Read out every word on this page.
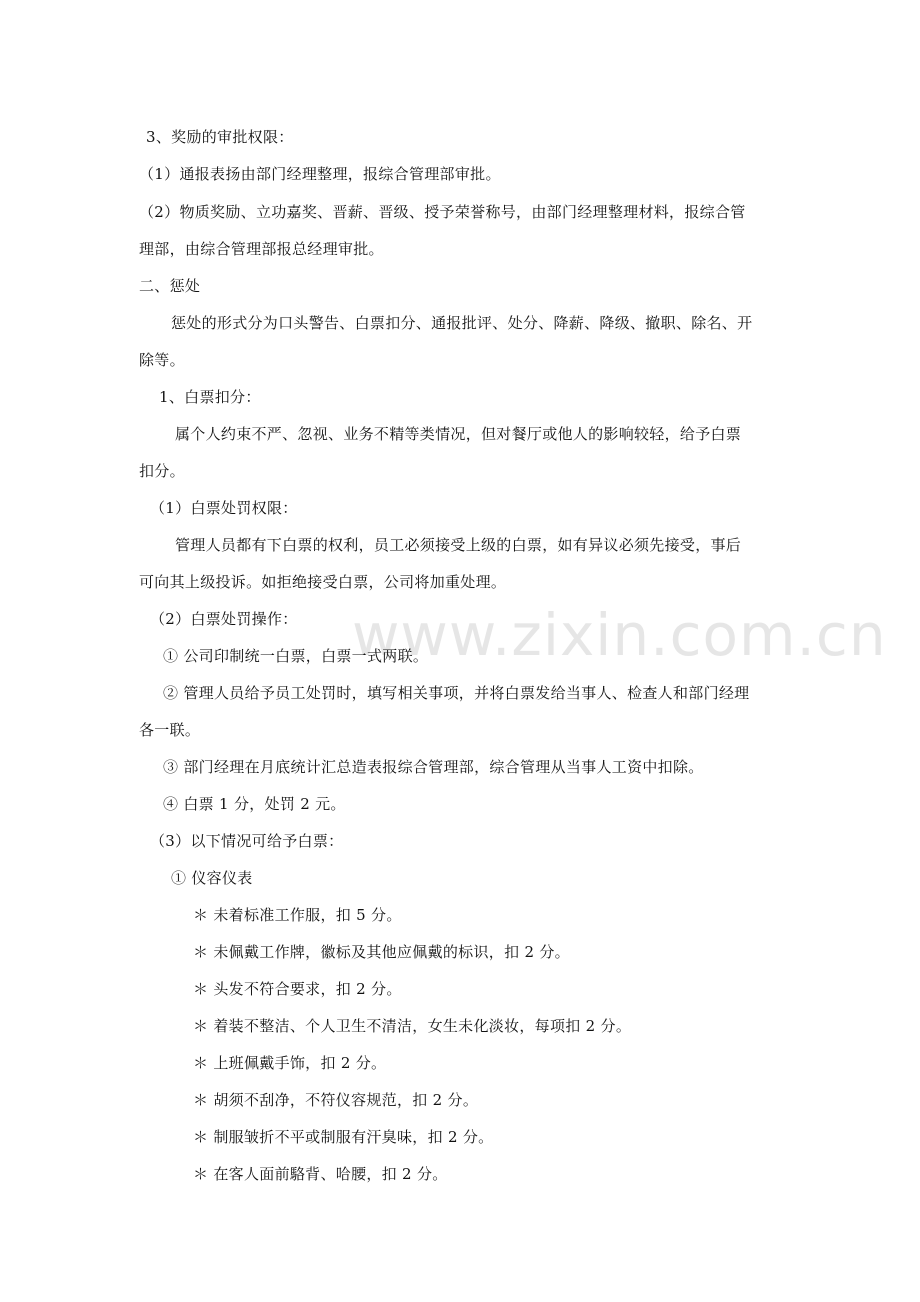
www.zixin.com.cn
3、奖励的审批权限：
（1）通报表扬由部门经理整理，报综合管理部审批。
（2）物质奖励、立功嘉奖、晋薪、晋级、授予荣誉称号，由部门经理整理材料，报综合管
理部，由综合管理部报总经理审批。
二、惩处
惩处的形式分为口头警告、白票扣分、通报批评、处分、降薪、降级、撤职、除名、开
除等。
1、白票扣分：
属个人约束不严、忽视、业务不精等类情况，但对餐厅或他人的影响较轻，给予白票
扣分。
（1）白票处罚权限：
管理人员都有下白票的权利，员工必须接受上级的白票，如有异议必须先接受，事后
可向其上级投诉。如拒绝接受白票，公司将加重处理。
（2）白票处罚操作：
① 公司印制统一白票，白票一式两联。
② 管理人员给予员工处罚时，填写相关事项，并将白票发给当事人、检查人和部门经理
各一联。
③ 部门经理在月底统计汇总造表报综合管理部，综合管理从当事人工资中扣除。
④ 白票 1 分，处罚 2 元。
（3）以下情况可给予白票：
① 仪容仪表
＊ 未着标准工作服，扣 5 分。
＊ 未佩戴工作牌，徽标及其他应佩戴的标识，扣 2 分。
＊ 头发不符合要求，扣 2 分。
＊ 着装不整洁、个人卫生不清洁，女生未化淡妆，每项扣 2 分。
＊ 上班佩戴手饰，扣 2 分。
＊ 胡须不刮净，不符仪容规范，扣 2 分。
＊ 制服皱折不平或制服有汗臭味，扣 2 分。
＊ 在客人面前駱背、哈腰，扣 2 分。
